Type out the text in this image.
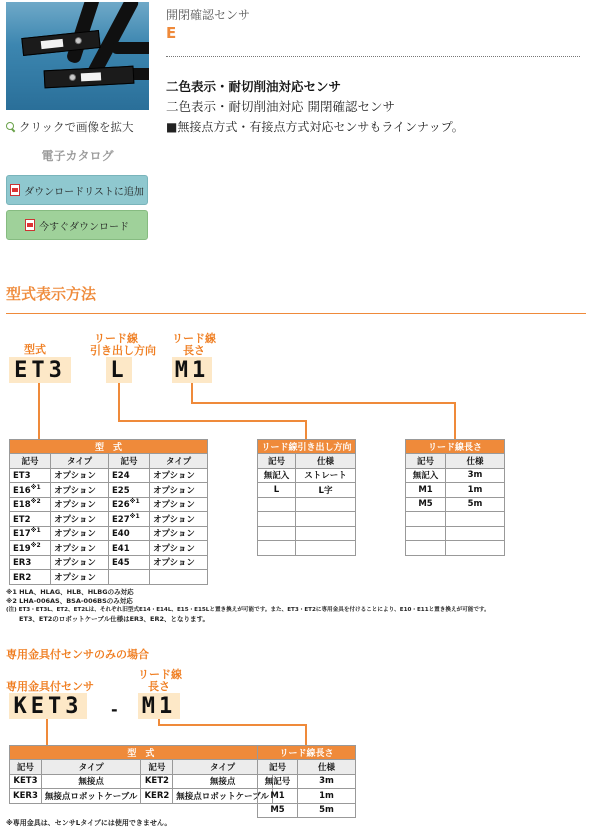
クリックで画像を拡大
電子カタログ
ダウンロードリストに追加
今すぐダウンロード
開閉確認センサ
E
二色表示・耐切削油対応センサ
二色表示・耐切削油対応 開閉確認センサ
■無接点方式・有接点方式対応センサもラインナップ。
型式表示方法
型式
リード線
引き出し方向
リード線
長さ
ET3 L M1
型　式			
記号	タイプ	記号	タイプ
ET3	オプション	E24	オプション
E16$^{※1}$	オプション	E25	オプション
E18$^{※2}$	オプション	E26$^{※1}$	オプション
ET2	オプション	E27$^{※1}$	オプション
E17$^{※1}$	オプション	E40	オプション
E19$^{※2}$	オプション	E41	オプション
ER3	オプション	E45	オプション
ER2	オプション		
リード線引き出し方向	
記号	仕様
無記入	ストレート
L	L字

リード線長さ	
記号	仕様
無記入	3m
M1	1m
M5	5m

※1 HLA、HLAG、HLB、HLBGのみ対応
※2 LHA-006AS、BSA-006BSのみ対応
(注) ET3・ET3L、ET2、ET2Lは、それぞれ旧型式E14・E14L、E15・E15Lと置き換えが可能です。また、ET3・ET2に専用金具を付けることにより、E10・E11と置き換えが可能です。
　　ET3、ET2のロボットケーブル仕様はER3、ER2、となります。
専用金具付センサのみの場合
専用金具付センサ
リード線
長さ
KET3 - M1
型　式			
記号	タイプ	記号	タイプ
KET3	無接点	KET2	無接点
KER3	無接点ロボットケーブル	KER2	無接点ロボットケーブル
リード線長さ	
記号	仕様
無記号	3m
M1	1m
M5	5m
※専用金具は、センサLタイプには使用できません。
